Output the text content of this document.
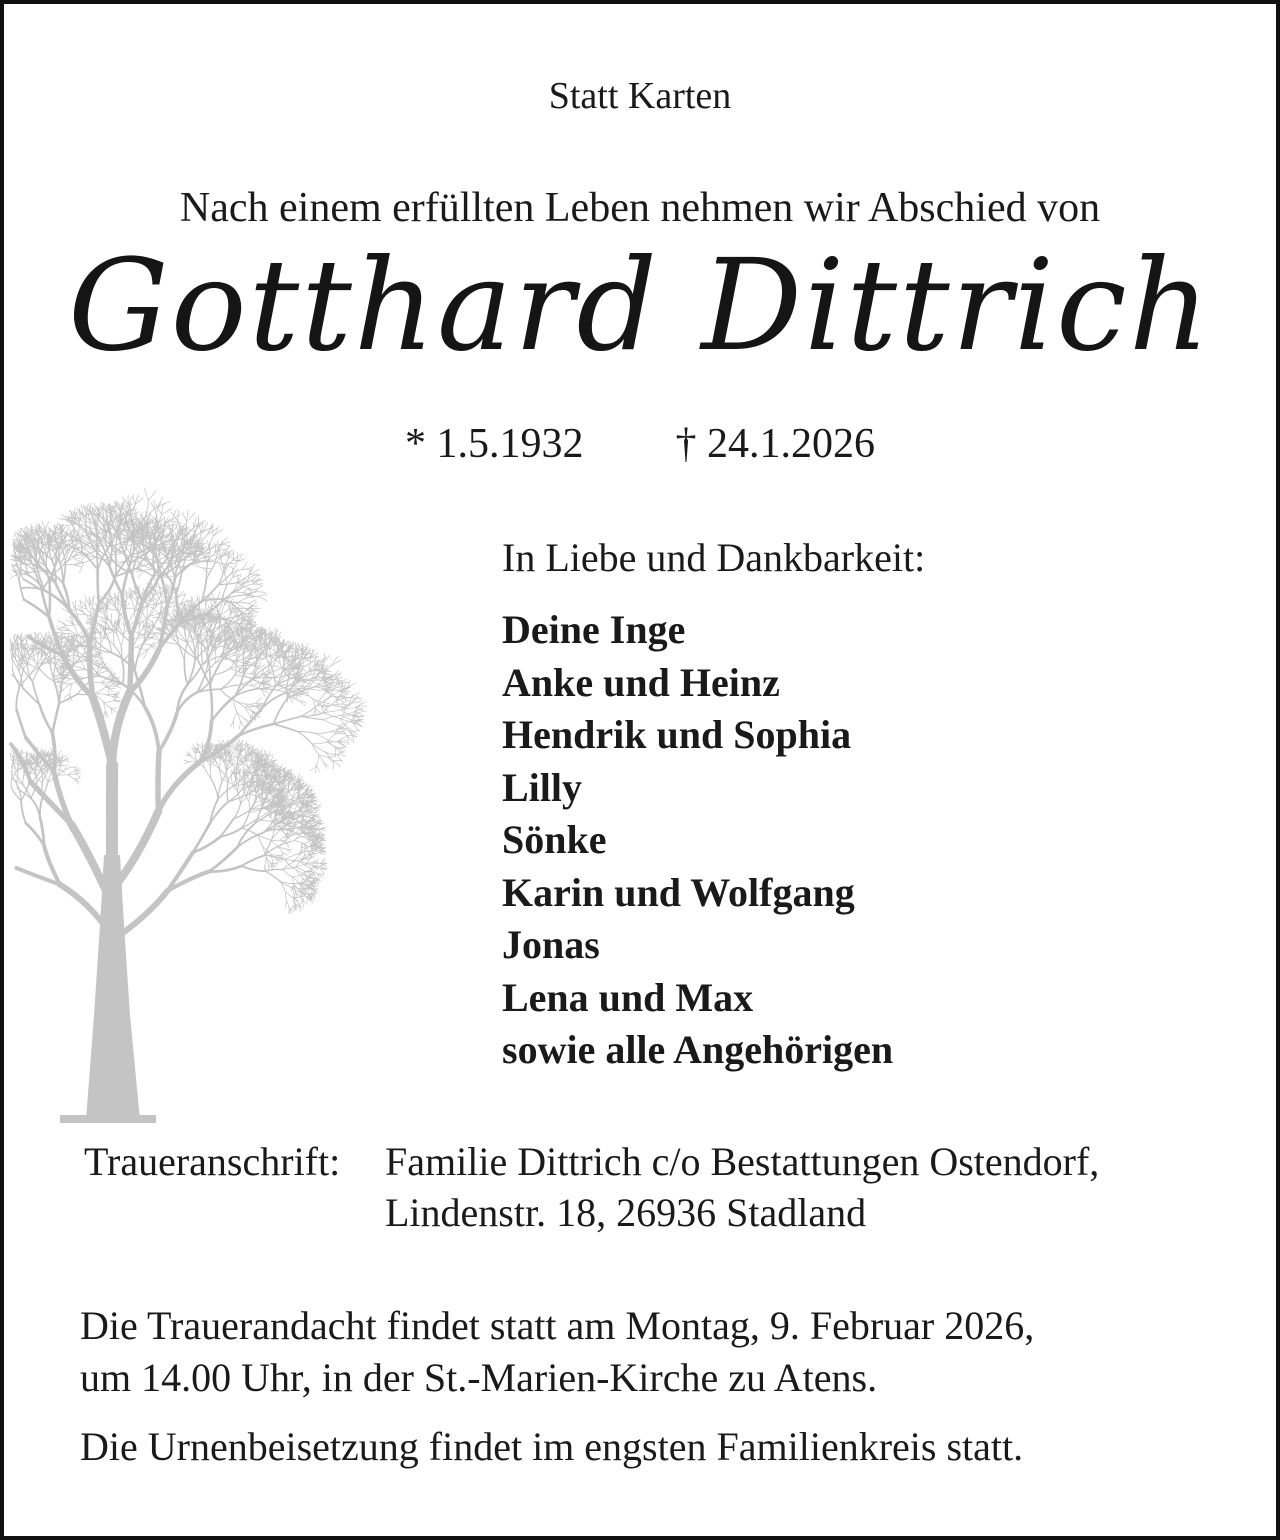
Statt Karten
Nach einem erfüllten Leben nehmen wir Abschied von
Gotthard Dittrich
* 1.5.1932 † 24.1.2026
In Liebe und Dankbarkeit:
Deine Inge
Anke und Heinz
Hendrik und Sophia
Lilly
Sönke
Karin und Wolfgang
Jonas
Lena und Max
sowie alle Angehörigen
Traueranschrift: Familie Dittrich c/o Bestattungen Ostendorf,
Lindenstr. 18, 26936 Stadland
Die Trauerandacht findet statt am Montag, 9. Februar 2026,
um 14.00 Uhr, in der St.-Marien-Kirche zu Atens.
Die Urnenbeisetzung findet im engsten Familienkreis statt.
